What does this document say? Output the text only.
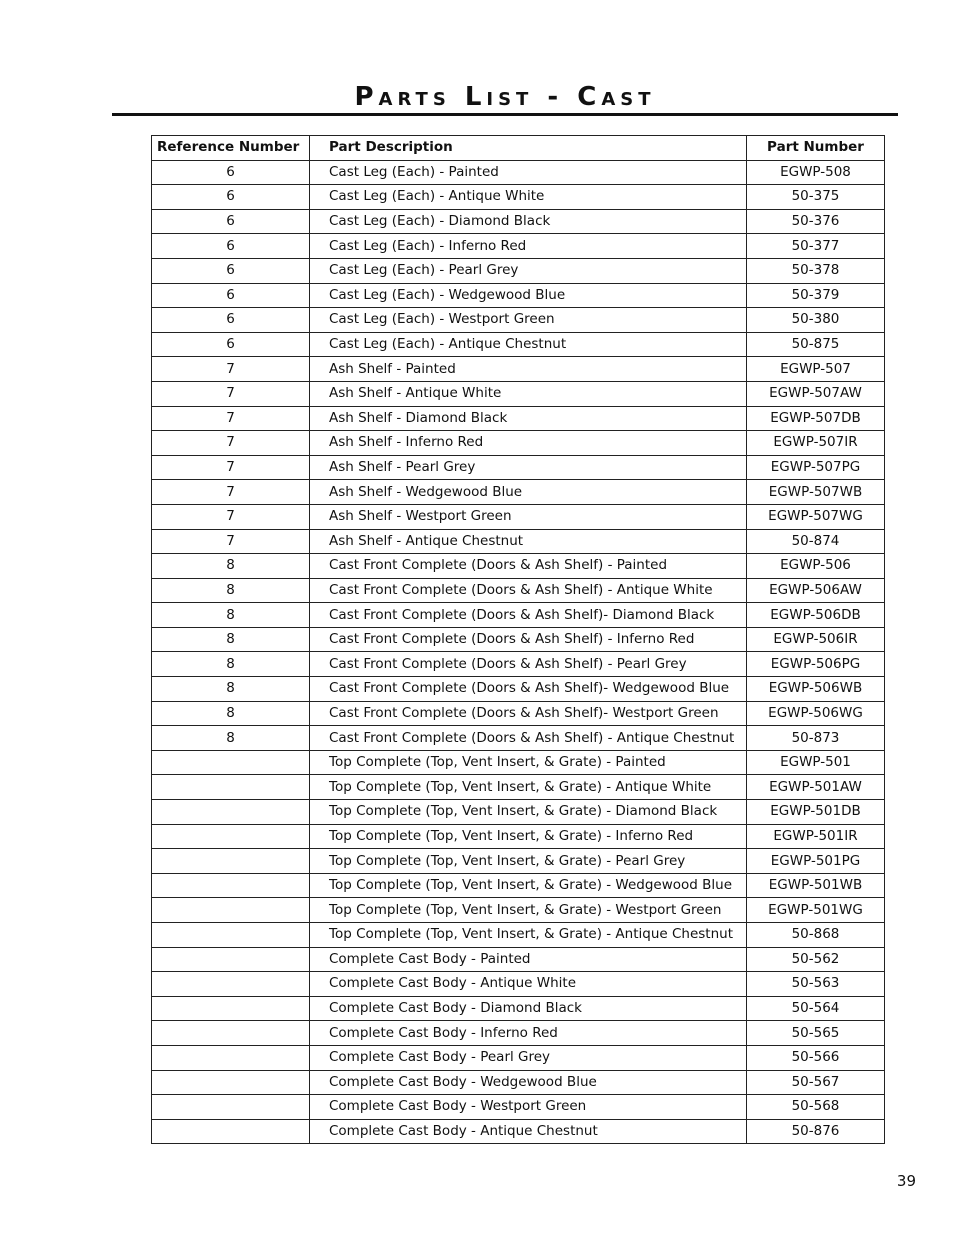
Parts List - Cast
Reference Number	Part Description	Part Number
6	Cast Leg (Each) - Painted	EGWP-508
6	Cast Leg (Each) - Antique White	50-375
6	Cast Leg (Each) - Diamond Black	50-376
6	Cast Leg (Each) - Inferno Red	50-377
6	Cast Leg (Each) - Pearl Grey	50-378
6	Cast Leg (Each) - Wedgewood Blue	50-379
6	Cast Leg (Each) - Westport Green	50-380
6	Cast Leg (Each) - Antique Chestnut	50-875
7	Ash Shelf - Painted	EGWP-507
7	Ash Shelf - Antique White	EGWP-507AW
7	Ash Shelf - Diamond Black	EGWP-507DB
7	Ash Shelf - Inferno Red	EGWP-507IR
7	Ash Shelf - Pearl Grey	EGWP-507PG
7	Ash Shelf - Wedgewood Blue	EGWP-507WB
7	Ash Shelf - Westport Green	EGWP-507WG
7	Ash Shelf - Antique Chestnut	50-874
8	Cast Front Complete (Doors & Ash Shelf) - Painted	EGWP-506
8	Cast Front Complete (Doors & Ash Shelf) - Antique White	EGWP-506AW
8	Cast Front Complete (Doors & Ash Shelf)- Diamond Black	EGWP-506DB
8	Cast Front Complete (Doors & Ash Shelf) - Inferno Red	EGWP-506IR
8	Cast Front Complete (Doors & Ash Shelf) - Pearl Grey	EGWP-506PG
8	Cast Front Complete (Doors & Ash Shelf)- Wedgewood Blue	EGWP-506WB
8	Cast Front Complete (Doors & Ash Shelf)- Westport Green	EGWP-506WG
8	Cast Front Complete (Doors & Ash Shelf) - Antique Chestnut	50-873
	Top Complete (Top, Vent Insert, & Grate) - Painted	EGWP-501
	Top Complete (Top, Vent Insert, & Grate) - Antique White	EGWP-501AW
	Top Complete (Top, Vent Insert, & Grate) - Diamond Black	EGWP-501DB
	Top Complete (Top, Vent Insert, & Grate) - Inferno Red	EGWP-501IR
	Top Complete (Top, Vent Insert, & Grate) - Pearl Grey	EGWP-501PG
	Top Complete (Top, Vent Insert, & Grate) - Wedgewood Blue	EGWP-501WB
	Top Complete (Top, Vent Insert, & Grate) - Westport Green	EGWP-501WG
	Top Complete (Top, Vent Insert, & Grate) - Antique Chestnut	50-868
	Complete Cast Body - Painted	50-562
	Complete Cast Body - Antique White	50-563
	Complete Cast Body - Diamond Black	50-564
	Complete Cast Body - Inferno Red	50-565
	Complete Cast Body - Pearl Grey	50-566
	Complete Cast Body - Wedgewood Blue	50-567
	Complete Cast Body - Westport Green	50-568
	Complete Cast Body - Antique Chestnut	50-876
39
